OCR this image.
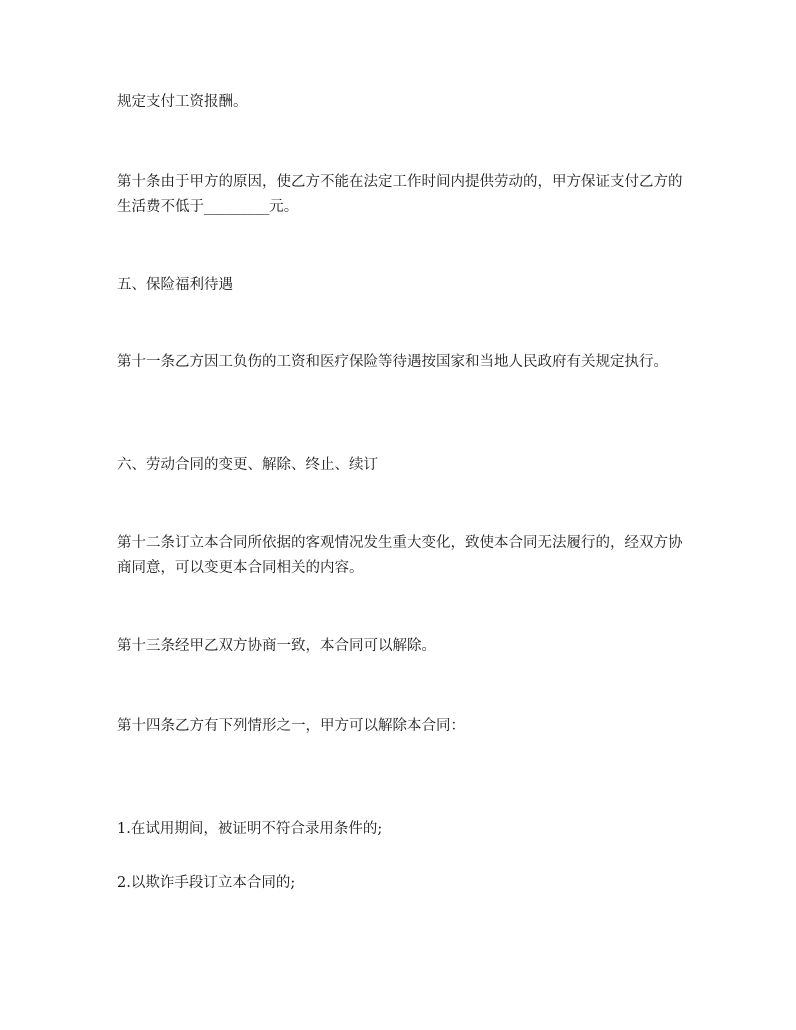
规定支付工资报酬。

第十条由于甲方的原因，使乙方不能在法定工作时间内提供劳动的，甲方保证支付乙方的生活费不低于_________元。

五、保险福利待遇

第十一条乙方因工负伤的工资和医疗保险等待遇按国家和当地人民政府有关规定执行。

六、劳动合同的变更、解除、终止、续订

第十二条订立本合同所依据的客观情况发生重大变化，致使本合同无法履行的，经双方协商同意，可以变更本合同相关的内容。

第十三条经甲乙双方协商一致，本合同可以解除。

第十四条乙方有下列情形之一，甲方可以解除本合同：

1.在试用期间，被证明不符合录用条件的;

2.以欺诈手段订立本合同的;
